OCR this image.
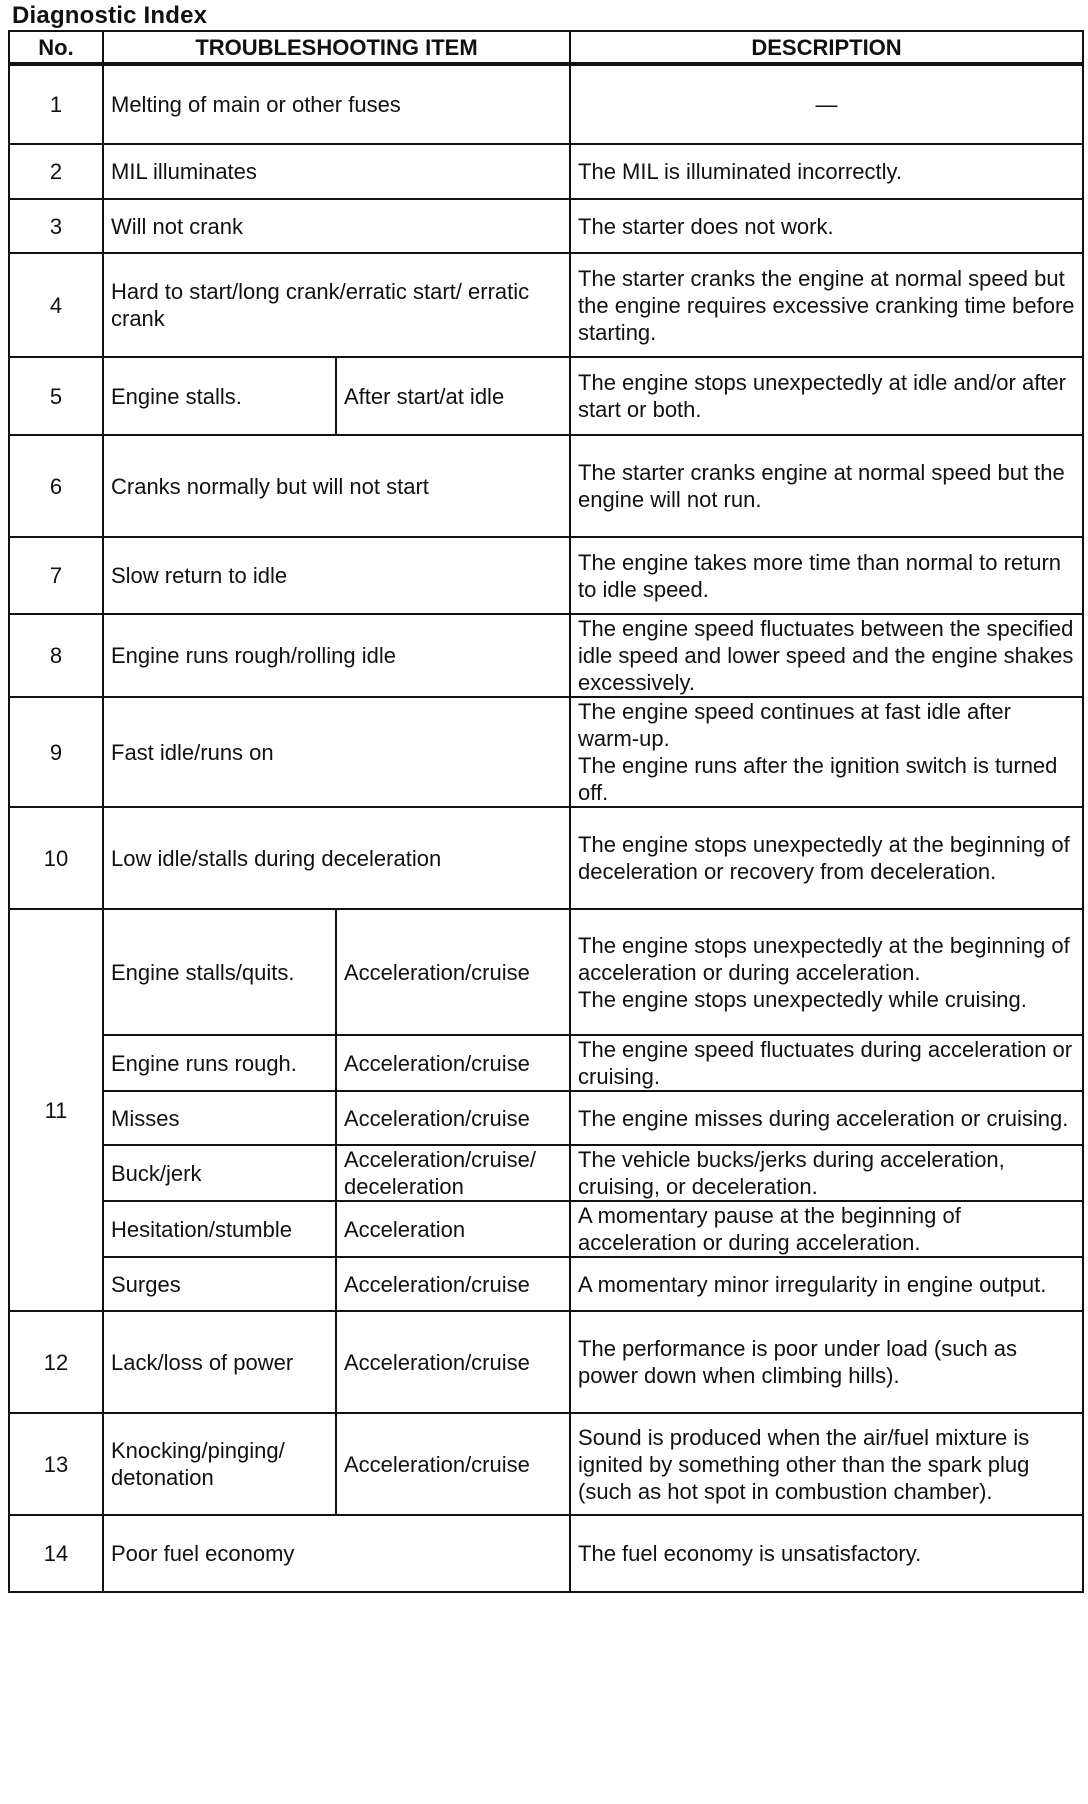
Diagnostic Index
No.	TROUBLESHOOTING ITEM		DESCRIPTION
1	Melting of main or other fuses		—
2	MIL illuminates		The MIL is illuminated incorrectly.
3	Will not crank		The starter does not work.
4	Hard to start/long crank/erratic start/ erratic crank		The starter cranks the engine at normal speed but the engine requires excessive cranking time before starting.
5	Engine stalls.	After start/at idle	The engine stops unexpectedly at idle and/or after start or both.
6	Cranks normally but will not start		The starter cranks engine at normal speed but the engine will not run.
7	Slow return to idle		The engine takes more time than normal to return to idle speed.
8	Engine runs rough/rolling idle		The engine speed fluctuates between the specified idle speed and lower speed and the engine shakes excessively.
9	Fast idle/runs on		The engine speed continues at fast idle after warm-up.
The engine runs after the ignition switch is turned off.
10	Low idle/stalls during deceleration		The engine stops unexpectedly at the beginning of deceleration or recovery from deceleration.
11	Engine stalls/quits.	Acceleration/cruise	The engine stops unexpectedly at the beginning of acceleration or during acceleration.
The engine stops unexpectedly while cruising.
	Engine runs rough.	Acceleration/cruise	The engine speed fluctuates during acceleration or cruising.
	Misses	Acceleration/cruise	The engine misses during acceleration or cruising.
	Buck/jerk	Acceleration/cruise/ deceleration	The vehicle bucks/jerks during acceleration, cruising, or deceleration.
	Hesitation/stumble	Acceleration	A momentary pause at the beginning of acceleration or during acceleration.
	Surges	Acceleration/cruise	A momentary minor irregularity in engine output.
12	Lack/loss of power	Acceleration/cruise	The performance is poor under load (such as power down when climbing hills).
13	Knocking/pinging/ detonation	Acceleration/cruise	Sound is produced when the air/fuel mixture is ignited by something other than the spark plug (such as hot spot in combustion chamber).
14	Poor fuel economy		The fuel economy is unsatisfactory.
